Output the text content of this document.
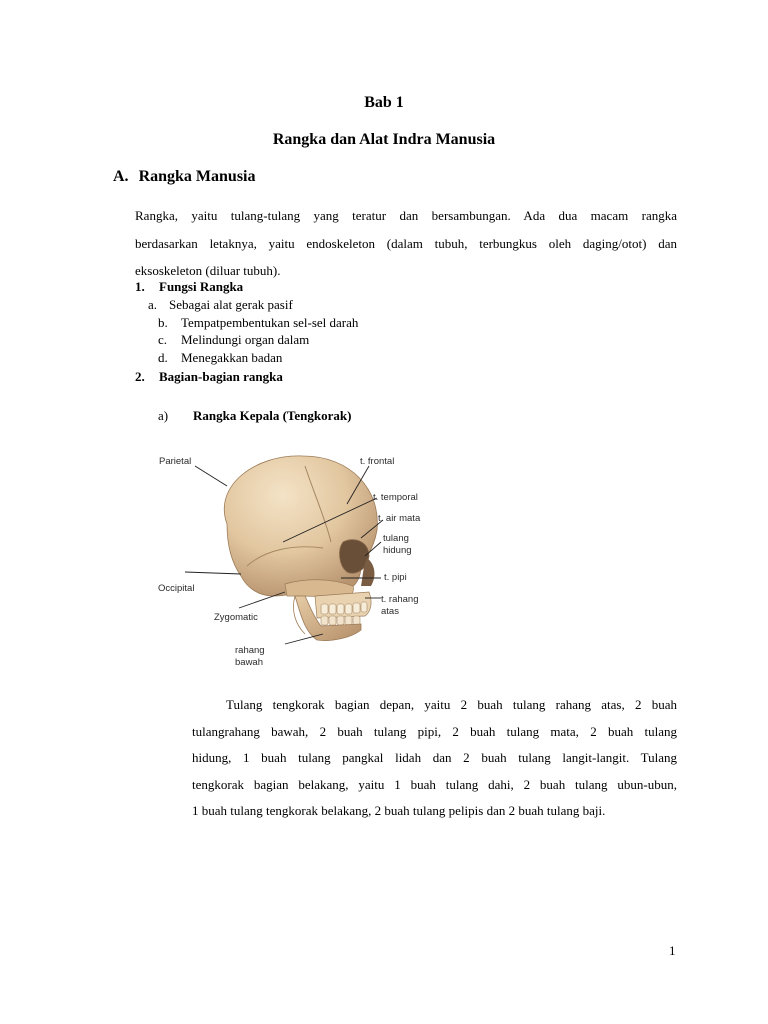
Bab 1
Rangka dan Alat Indra Manusia
A. Rangka Manusia
Rangka, yaitu tulang-tulang yang teratur dan bersambungan. Ada dua macam rangka
berdasarkan letaknya, yaitu endoskeleton (dalam tubuh, terbungkus oleh daging/otot) dan
eksoskeleton (diluar tubuh).
1. Fungsi Rangka
a. Sebagai alat gerak pasif
b. Tempatpembentukan sel-sel darah
c. Melindungi organ dalam
d. Menegakkan badan
2. Bagian-bagian rangka
a) Rangka Kepala (Tengkorak)
Parietal	t. frontal
t. temporal
t. air mata
tulang
hidung
Occipital
t. pipi
t. rahang
atas
Zygomatic
rahang
bawah
Tulang tengkorak bagian depan, yaitu 2 buah tulang rahang atas, 2 buah
tulangrahang bawah, 2 buah tulang pipi, 2 buah tulang mata, 2 buah tulang
hidung, 1 buah tulang pangkal lidah dan 2 buah tulang langit-langit. Tulang
tengkorak bagian belakang, yaitu 1 buah tulang dahi, 2 buah tulang ubun-ubun,
1 buah tulang tengkorak belakang, 2 buah tulang pelipis dan 2 buah tulang baji.
1
